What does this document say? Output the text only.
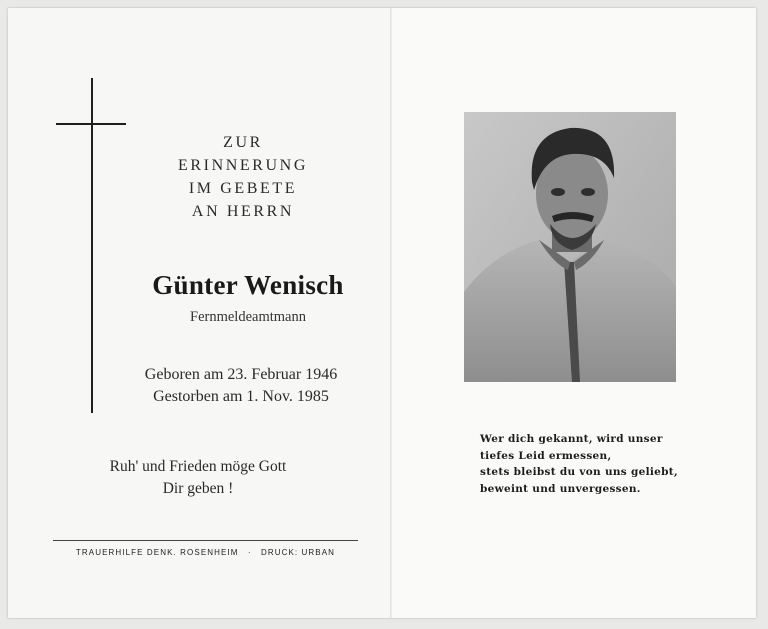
ZUR
ERINNERUNG
IM GEBETE
AN HERRN
Günter Wenisch
Fernmeldeamtmann
Geboren am 23. Februar 1946
Gestorben am 1. Nov. 1985
Ruh' und Frieden möge Gott
Dir geben !
TRAUERHILFE DENK. ROSENHEIM · DRUCK: URBAN
Wer dich gekannt, wird unser
tiefes Leid ermessen,
stets bleibst du von uns geliebt,
beweint und unvergessen.
